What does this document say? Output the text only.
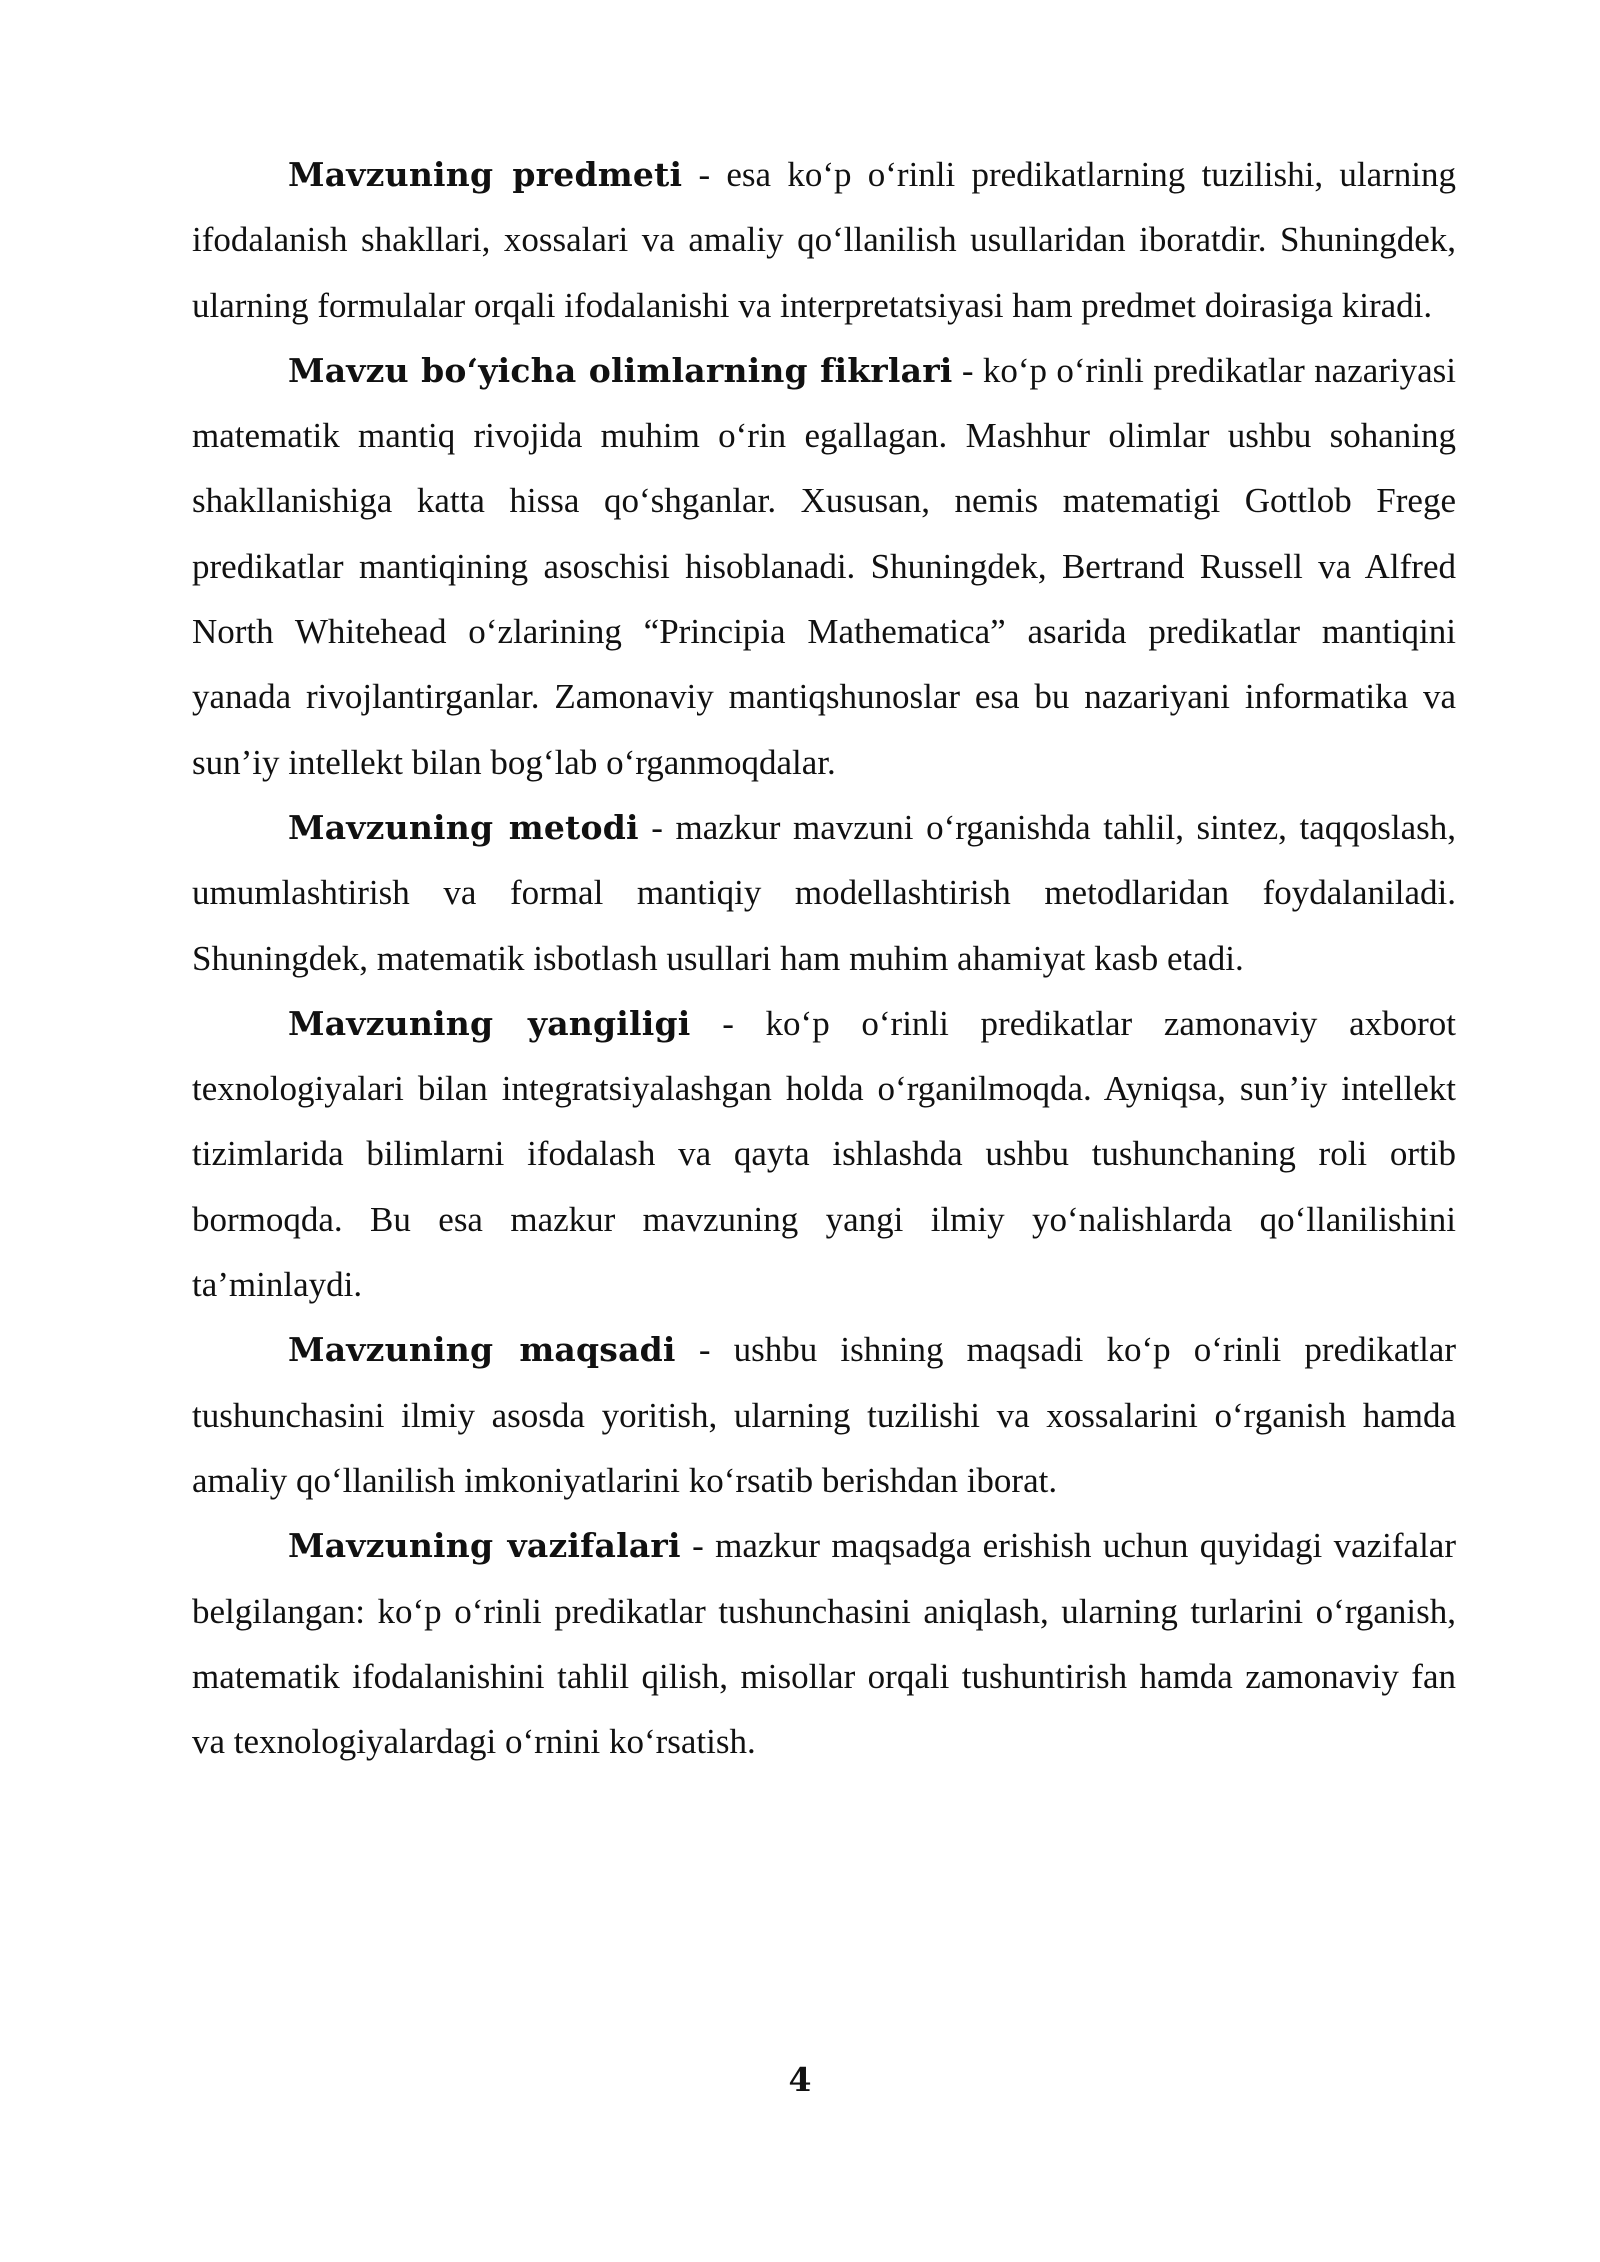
Mavzuning predmeti - esa ko‘p o‘rinli predikatlarning tuzilishi, ularning ifodalanish shakllari, xossalari va amaliy qo‘llanilish usullaridan iboratdir. Shuningdek, ularning formulalar orqali ifodalanishi va interpretatsiyasi ham predmet doirasiga kiradi.

Mavzu bo‘yicha olimlarning fikrlari - ko‘p o‘rinli predikatlar nazariyasi matematik mantiq rivojida muhim o‘rin egallagan. Mashhur olimlar ushbu sohaning shakllanishiga katta hissa qo‘shganlar. Xususan, nemis matematigi Gottlob Frege predikatlar mantiqining asoschisi hisoblanadi. Shuningdek, Bertrand Russell va Alfred North Whitehead o‘zlarining “Principia Mathematica” asarida predikatlar mantiqini yanada rivojlantirganlar. Zamonaviy mantiqshunoslar esa bu nazariyani informatika va sun’iy intellekt bilan bog‘lab o‘rganmoqdalar.

Mavzuning metodi - mazkur mavzuni o‘rganishda tahlil, sintez, taqqoslash, umumlashtirish va formal mantiqiy modellashtirish metodlaridan foydalaniladi. Shuningdek, matematik isbotlash usullari ham muhim ahamiyat kasb etadi.

Mavzuning yangiligi - ko‘p o‘rinli predikatlar zamonaviy axborot texnologiyalari bilan integratsiyalashgan holda o‘rganilmoqda. Ayniqsa, sun’iy intellekt tizimlarida bilimlarni ifodalash va qayta ishlashda ushbu tushunchaning roli ortib bormoqda. Bu esa mazkur mavzuning yangi ilmiy yo‘nalishlarda qo‘llanilishini ta’minlaydi.

Mavzuning maqsadi - ushbu ishning maqsadi ko‘p o‘rinli predikatlar tushunchasini ilmiy asosda yoritish, ularning tuzilishi va xossalarini o‘rganish hamda amaliy qo‘llanilish imkoniyatlarini ko‘rsatib berishdan iborat.

Mavzuning vazifalari - mazkur maqsadga erishish uchun quyidagi vazifalar belgilangan: ko‘p o‘rinli predikatlar tushunchasini aniqlash, ularning turlarini o‘rganish, matematik ifodalanishini tahlil qilish, misollar orqali tushuntirish hamda zamonaviy fan va texnologiyalardagi o‘rnini ko‘rsatish.

4
